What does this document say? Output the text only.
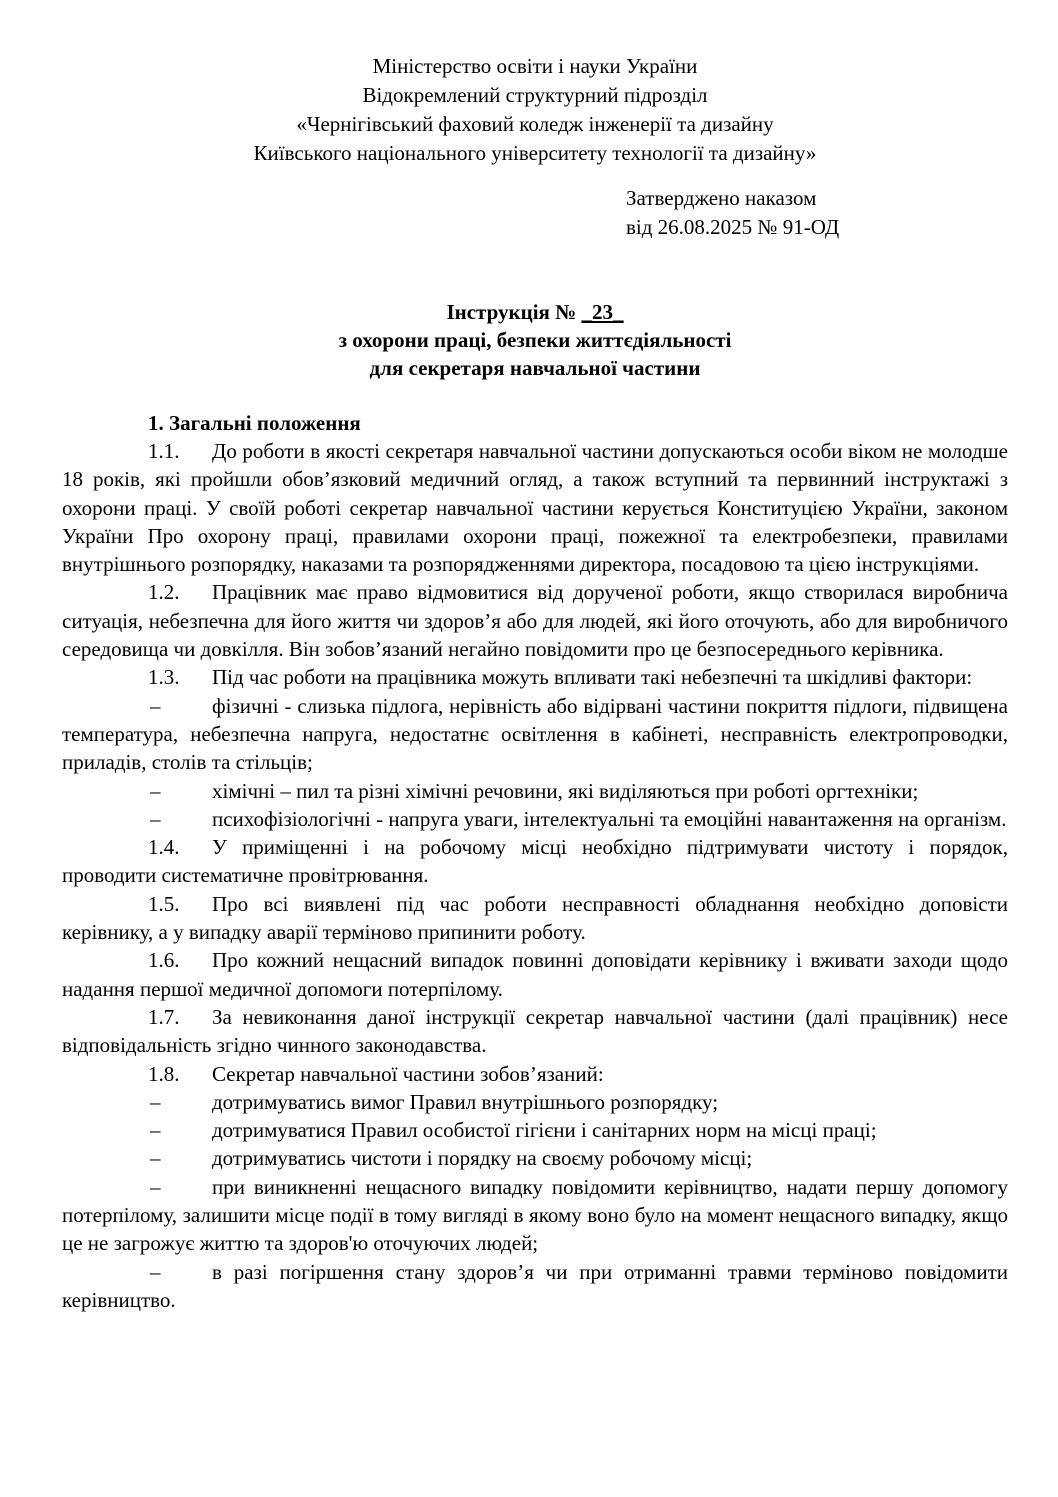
Міністерство освіти і науки України
Відокремлений структурний підрозділ
«Чернігівський фаховий коледж інженерії та дизайну
Київського національного університету технології та дизайну»
Затверджено наказом
від 26.08.2025 № 91-ОД
Інструкція № _23_
з охорони праці, безпеки життєдіяльності
для секретаря навчальної частини
1. Загальні положення
1.1. До роботи в якості секретаря навчальної частини допускаються особи віком не молодше 18 років, які пройшли обов’язковий медичний огляд, а також вступний та первинний інструктажі з охорони праці. У своїй роботі секретар навчальної частини керується Конституцією України, законом України Про охорону праці, правилами охорони праці, пожежної та електробезпеки, правилами внутрішнього розпорядку, наказами та розпорядженнями директора, посадовою та цією інструкціями.
1.2. Працівник має право відмовитися від дорученої роботи, якщо створилася виробнича ситуація, небезпечна для його життя чи здоров’я або для людей, які його оточують, або для виробничого середовища чи довкілля. Він зобов’язаний негайно повідомити про це безпосереднього керівника.
1.3. Під час роботи на працівника можуть впливати такі небезпечні та шкідливі фактори:
– фізичні - слизька підлога, нерівність або відірвані частини покриття підлоги, підвищена температура, небезпечна напруга, недостатнє освітлення в кабінеті, несправність електропроводки, приладів, столів та стільців;
– хімічні – пил та різні хімічні речовини, які виділяються при роботі оргтехніки;
– психофізіологічні - напруга уваги, інтелектуальні та емоційні навантаження на організм.
1.4. У приміщенні і на робочому місці необхідно підтримувати чистоту і порядок, проводити систематичне провітрювання.
1.5. Про всі виявлені під час роботи несправності обладнання необхідно доповісти керівнику, а у випадку аварії терміново припинити роботу.
1.6. Про кожний нещасний випадок повинні доповідати керівнику і вживати заходи щодо надання першої медичної допомоги потерпілому.
1.7. За невиконання даної інструкції секретар навчальної частини (далі працівник) несе відповідальність згідно чинного законодавства.
1.8. Секретар навчальної частини зобов’язаний:
– дотримуватись вимог Правил внутрішнього розпорядку;
– дотримуватися Правил особистої гігієни і санітарних норм на місці праці;
– дотримуватись чистоти і порядку на своєму робочому місці;
– при виникненні нещасного випадку повідомити керівництво, надати першу допомогу потерпілому, залишити місце події в тому вигляді в якому воно було на момент нещасного випадку, якщо це не загрожує життю та здоров'ю оточуючих людей;
– в разі погіршення стану здоров’я чи при отриманні травми терміново повідомити керівництво.
